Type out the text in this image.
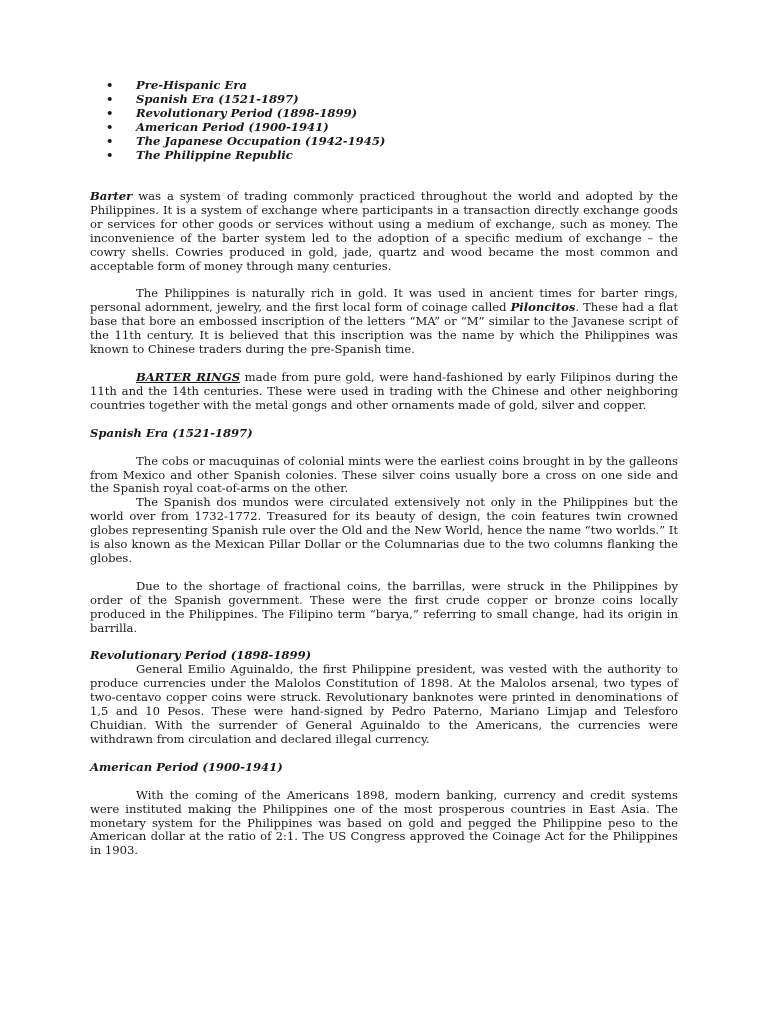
• Pre-Hispanic Era
• Spanish Era (1521-1897)
• Revolutionary Period (1898-1899)
• American Period (1900-1941)
• The Japanese Occupation (1942-1945)
• The Philippine Republic

Barter was a system of trading commonly practiced throughout the world and adopted by the Philippines. It is a system of exchange where participants in a transaction directly exchange goods or services for other goods or services without using a medium of exchange, such as money. The inconvenience of the barter system led to the adoption of a specific medium of exchange – the cowry shells. Cowries produced in gold, jade, quartz and wood became the most common and acceptable form of money through many centuries.

The Philippines is naturally rich in gold. It was used in ancient times for barter rings, personal adornment, jewelry, and the first local form of coinage called Piloncitos. These had a flat base that bore an embossed inscription of the letters “MA” or “M” similar to the Javanese script of the 11th century. It is believed that this inscription was the name by which the Philippines was known to Chinese traders during the pre-Spanish time.

BARTER RINGS made from pure gold, were hand-fashioned by early Filipinos during the 11th and the 14th centuries. These were used in trading with the Chinese and other neighboring countries together with the metal gongs and other ornaments made of gold, silver and copper.

Spanish Era (1521-1897)

The cobs or macuquinas of colonial mints were the earliest coins brought in by the galleons from Mexico and other Spanish colonies. These silver coins usually bore a cross on one side and the Spanish royal coat-of-arms on the other.

The Spanish dos mundos were circulated extensively not only in the Philippines but the world over from 1732-1772. Treasured for its beauty of design, the coin features twin crowned globes representing Spanish rule over the Old and the New World, hence the name “two worlds.” It is also known as the Mexican Pillar Dollar or the Columnarias due to the two columns flanking the globes.

Due to the shortage of fractional coins, the barrillas, were struck in the Philippines by order of the Spanish government. These were the first crude copper or bronze coins locally produced in the Philippines. The Filipino term “barya,” referring to small change, had its origin in barrilla.

Revolutionary Period (1898-1899)

General Emilio Aguinaldo, the first Philippine president, was vested with the authority to produce currencies under the Malolos Constitution of 1898. At the Malolos arsenal, two types of two-centavo copper coins were struck. Revolutionary banknotes were printed in denominations of 1,5 and 10 Pesos. These were hand-signed by Pedro Paterno, Mariano Limjap and Telesforo Chuidian. With the surrender of General Aguinaldo to the Americans, the currencies were withdrawn from circulation and declared illegal currency.

American Period (1900-1941)

With the coming of the Americans 1898, modern banking, currency and credit systems were instituted making the Philippines one of the most prosperous countries in East Asia. The monetary system for the Philippines was based on gold and pegged the Philippine peso to the American dollar at the ratio of 2:1. The US Congress approved the Coinage Act for the Philippines in 1903.
